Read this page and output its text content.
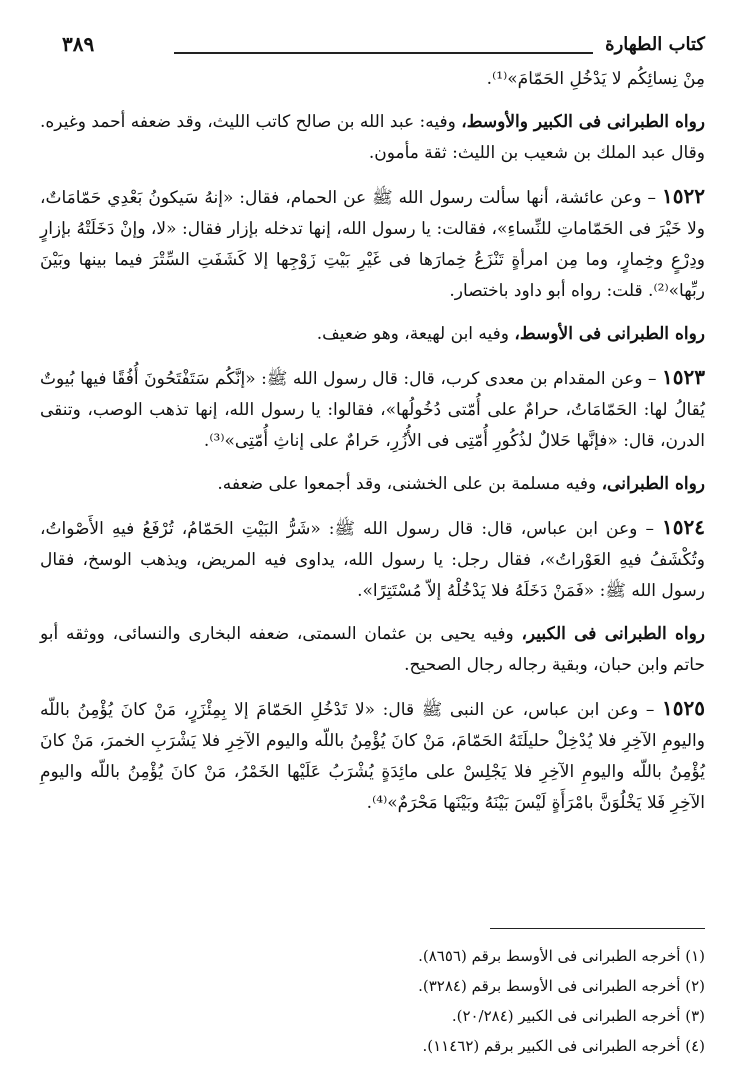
كتاب الطهارة
٣٨٩

مِنْ نِسائِكُم لا يَدْخُلِ الحَمّامَ»⁽¹⁾.

رواه الطبرانى فى الكبير والأوسط، وفيه: عبد الله بن صالح كاتب الليث، وقد ضعفه أحمد وغيره. وقال عبد الملك بن شعيب بن الليث: ثقة مأمون.

١٥٢٢ – وعن عائشة، أنها سألت رسول الله ﷺ عن الحمام، فقال: «إنهُ سَيكونُ بَعْدِي حَمّامَاتٌ، ولا خَيْرَ فى الحَمّاماتِ للنِّساءِ»، فقالت: يا رسول الله، إنها تدخله بإزار فقال: «لا، وإنْ دَخَلَتْهُ بإزارٍ ودِرْعٍ وخِمارٍ، وما مِن امرأةٍ تَنْزَعُ خِمارَها فى غَيْرِ بَيْتِ زَوْجِها إلا كَشَفَتِ السِّتْرَ فيما بينها وبَيْنَ ربِّها»⁽²⁾. قلت: رواه أبو داود باختصار.

رواه الطبرانى فى الأوسط، وفيه ابن لهيعة، وهو ضعيف.

١٥٢٣ – وعن المقدام بن معدى كرب، قال: قال رسول الله ﷺ: «إنَّكُم سَتَفْتَحُونَ أُفُقًا فيها بُيوتٌ يُقالُ لها: الحَمّامَاتُ، حرامٌ على أُمّتى دُخُولُها»، فقالوا: يا رسول الله، إنها تذهب الوصب، وتنقى الدرن، قال: «فإنَّها حَلالٌ لذُكُورِ أُمّتِى فى الأُزُرِ، حَرامٌ على إناثِ أُمّتِى»⁽³⁾.

رواه الطبرانى، وفيه مسلمة بن على الخشنى، وقد أجمعوا على ضعفه.

١٥٢٤ – وعن ابن عباس، قال: قال رسول الله ﷺ: «شَرُّ البَيْتِ الحَمّامُ، تُرْفَعُ فيهِ الأَصْواتُ، وتُكْشَفُ فيهِ العَوْراتُ»، فقال رجل: يا رسول الله، يداوى فيه المريض، ويذهب الوسخ، فقال رسول الله ﷺ: «فَمَنْ دَخَلَهُ فلا يَدْخُلْهُ إلاّ مُسْتَتِرًا».

رواه الطبرانى فى الكبير، وفيه يحيى بن عثمان السمتى، ضعفه البخارى والنسائى، ووثقه أبو حاتم وابن حبان، وبقية رجاله رجال الصحيح.

١٥٢٥ – وعن ابن عباس، عن النبى ﷺ قال: «لا تَدْخُلِ الحَمّامَ إلا بِمِئْزَرٍ، مَنْ كانَ يُؤْمِنُ باللّه واليومِ الآخِرِ فلا يُدْخِلْ حليلَتَهُ الحَمّامَ، مَنْ كانَ يُؤْمِنُ باللّه واليوم الآخِرِ فلا يَشْرَبِ الخمرَ، مَنْ كانَ يُؤْمِنُ باللّه واليومِ الآخِرِ فلا يَجْلِسْ على مائِدَةٍ يُشْرَبُ عَلَيْها الخَمْرُ، مَنْ كانَ يُؤْمِنُ باللّه واليومِ الآخِرِ فَلا يَخْلُوَنَّ بامْرَأَةٍ لَيْسَ بَيْنَهُ وبَيْنَها مَحْرَمٌ»⁽⁴⁾.

(١) أخرجه الطبرانى فى الأوسط برقم (٨٦٥٦).

(٢) أخرجه الطبرانى فى الأوسط برقم (٣٢٨٤).

(٣) أخرجه الطبرانى فى الكبير (٢٠/٢٨٤).

(٤) أخرجه الطبرانى فى الكبير برقم (١١٤٦٢).
